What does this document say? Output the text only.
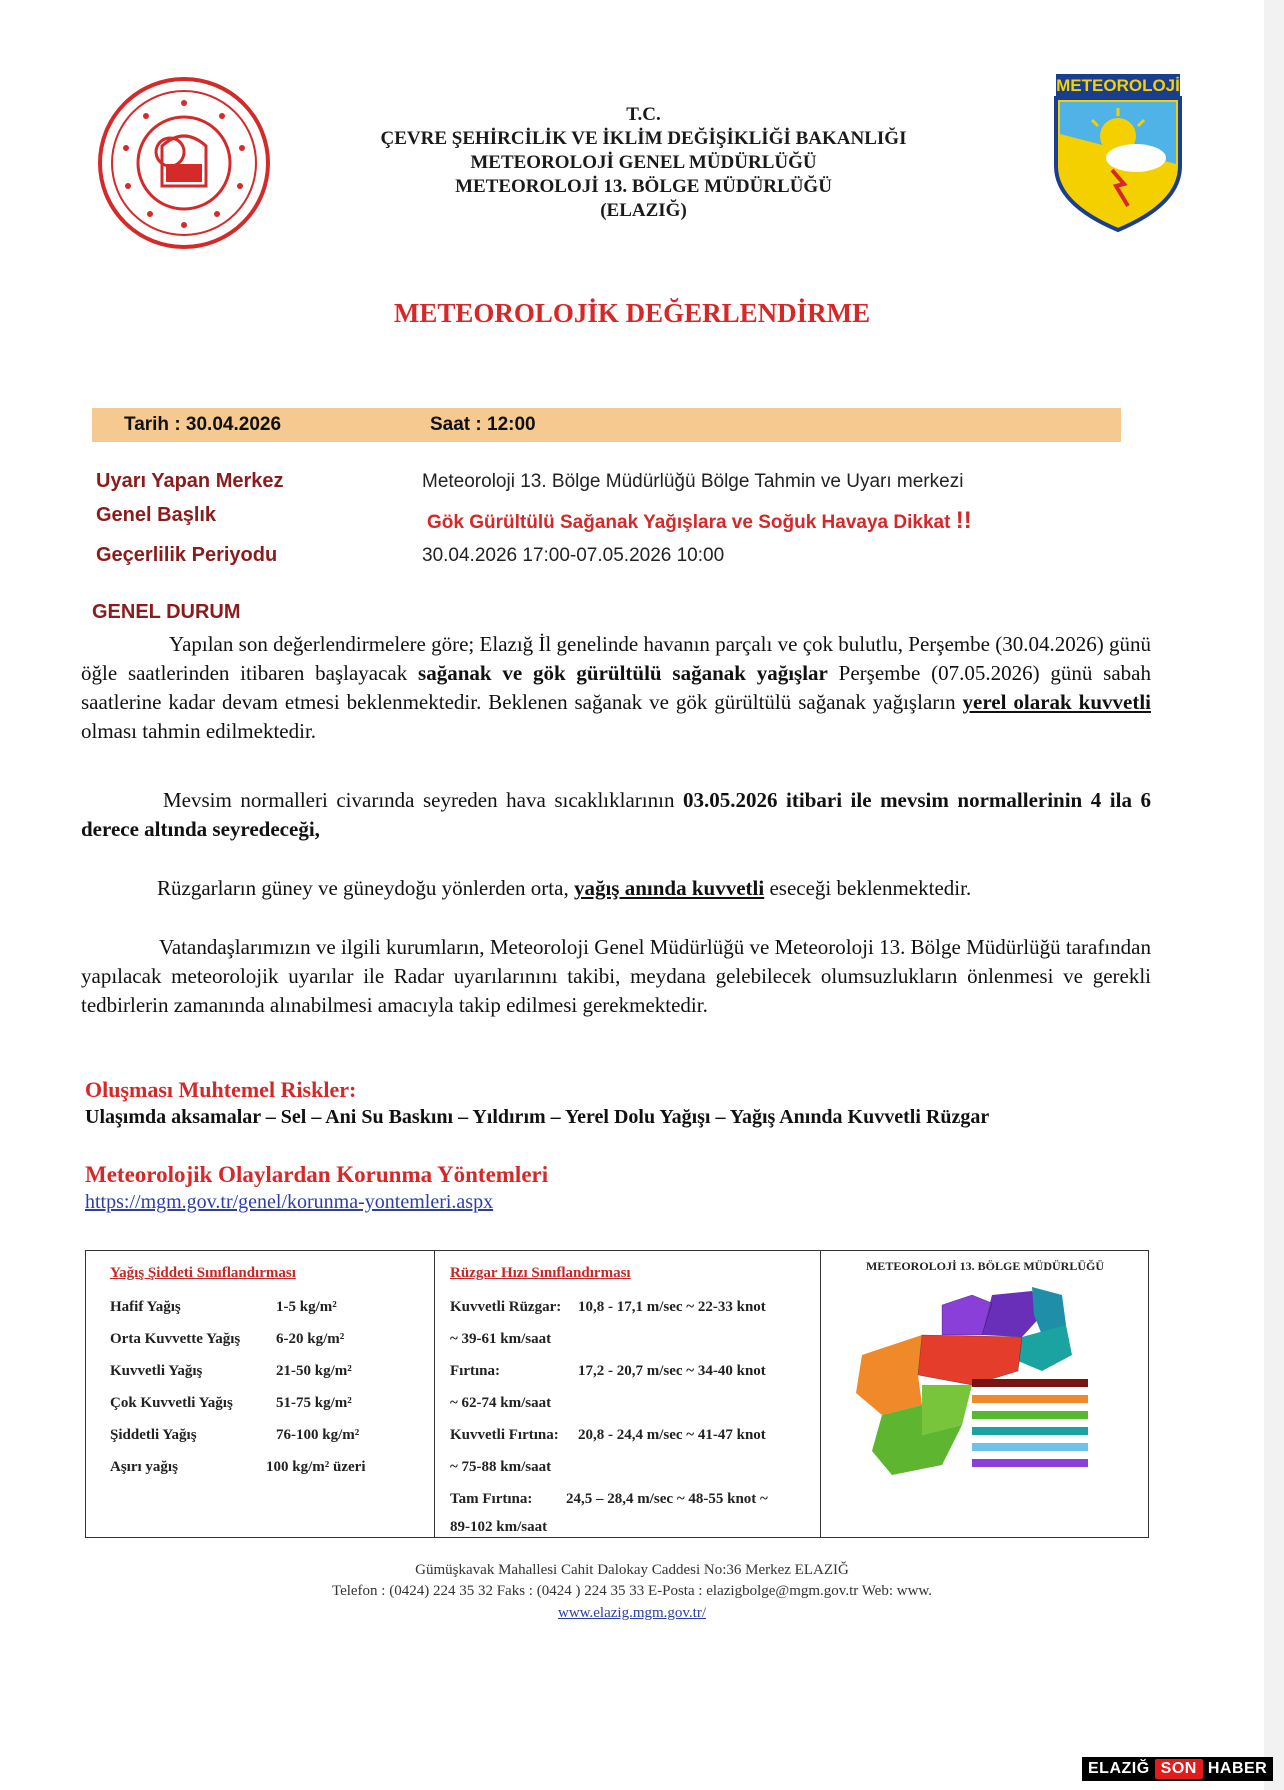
T.C.
ÇEVRE ŞEHİRCİLİK VE İKLİM DEĞİŞİKLİĞİ BAKANLIĞI
METEOROLOJİ GENEL MÜDÜRLÜĞÜ
METEOROLOJİ 13. BÖLGE MÜDÜRLÜĞÜ
(ELAZIĞ)
METEOROLOJİ
METEOROLOJİK DEĞERLENDİRME
Tarih : 30.04.2026	Saat : 12:00
Uyarı Yapan Merkez	Meteoroloji 13. Bölge Müdürlüğü Bölge Tahmin ve Uyarı merkezi
Genel Başlık	Gök Gürültülü Sağanak Yağışlara ve Soğuk Havaya Dikkat !!
Geçerlilik Periyodu	30.04.2026 17:00-07.05.2026 10:00
GENEL DURUM
Yapılan son değerlendirmelere göre; Elazığ İl genelinde havanın parçalı ve çok bulutlu, Perşembe (30.04.2026) günü öğle saatlerinden itibaren başlayacak sağanak ve gök gürültülü sağanak yağışlar Perşembe (07.05.2026) günü sabah saatlerine kadar devam etmesi beklenmektedir. Beklenen sağanak ve gök gürültülü sağanak yağışların yerel olarak kuvvetli olması tahmin edilmektedir.
Mevsim normalleri civarında seyreden hava sıcaklıklarının 03.05.2026 itibari ile mevsim normallerinin 4 ila 6 derece altında seyredeceği,
Rüzgarların güney ve güneydoğu yönlerden orta, yağış anında kuvvetli eseceği beklenmektedir.
Vatandaşlarımızın ve ilgili kurumların, Meteoroloji Genel Müdürlüğü ve Meteoroloji 13. Bölge Müdürlüğü tarafından yapılacak meteorolojik uyarılar ile Radar uyarılarınını takibi, meydana gelebilecek olumsuzlukların önlenmesi ve gerekli tedbirlerin zamanında alınabilmesi amacıyla takip edilmesi gerekmektedir.
Oluşması Muhtemel Riskler:
Ulaşımda aksamalar – Sel – Ani Su Baskını – Yıldırım – Yerel Dolu Yağışı – Yağış Anında Kuvvetli Rüzgar
Meteorolojik Olaylardan Korunma Yöntemleri
https://mgm.gov.tr/genel/korunma-yontemleri.aspx
Yağış Şiddeti Sınıflandırması
Hafif Yağış	1-5 kg/m²
Orta Kuvvette Yağış 6-20 kg/m²
Kuvvetli Yağış	21-50 kg/m²
Çok Kuvvetli Yağış	51-75 kg/m²
Şiddetli Yağış	76-100 kg/m²
Aşırı yağış	100 kg/m² üzeri
Rüzgar Hızı Sınıflandırması
Kuvvetli Rüzgar: 10,8 - 17,1 m/sec ~ 22-33 knot
~ 39-61 km/saat
Fırtına:	17,2 - 20,7 m/sec ~ 34-40 knot
~ 62-74 km/saat
Kuvvetli Fırtına: 20,8 - 24,4 m/sec ~ 41-47 knot
~ 75-88 km/saat
Tam Fırtına: 24,5 – 28,4 m/sec ~ 48-55 knot ~
89-102 km/saat
METEOROLOJİ 13. BÖLGE MÜDÜRLÜĞÜ
Gümüşkavak Mahallesi Cahit Dalokay Caddesi No:36 Merkez ELAZIĞ
Telefon : (0424) 224 35 32 Faks : (0424 ) 224 35 33 E-Posta : elazigbolge@mgm.gov.tr Web: www.
www.elazig.mgm.gov.tr/
ELAZIĞ SON HABER
